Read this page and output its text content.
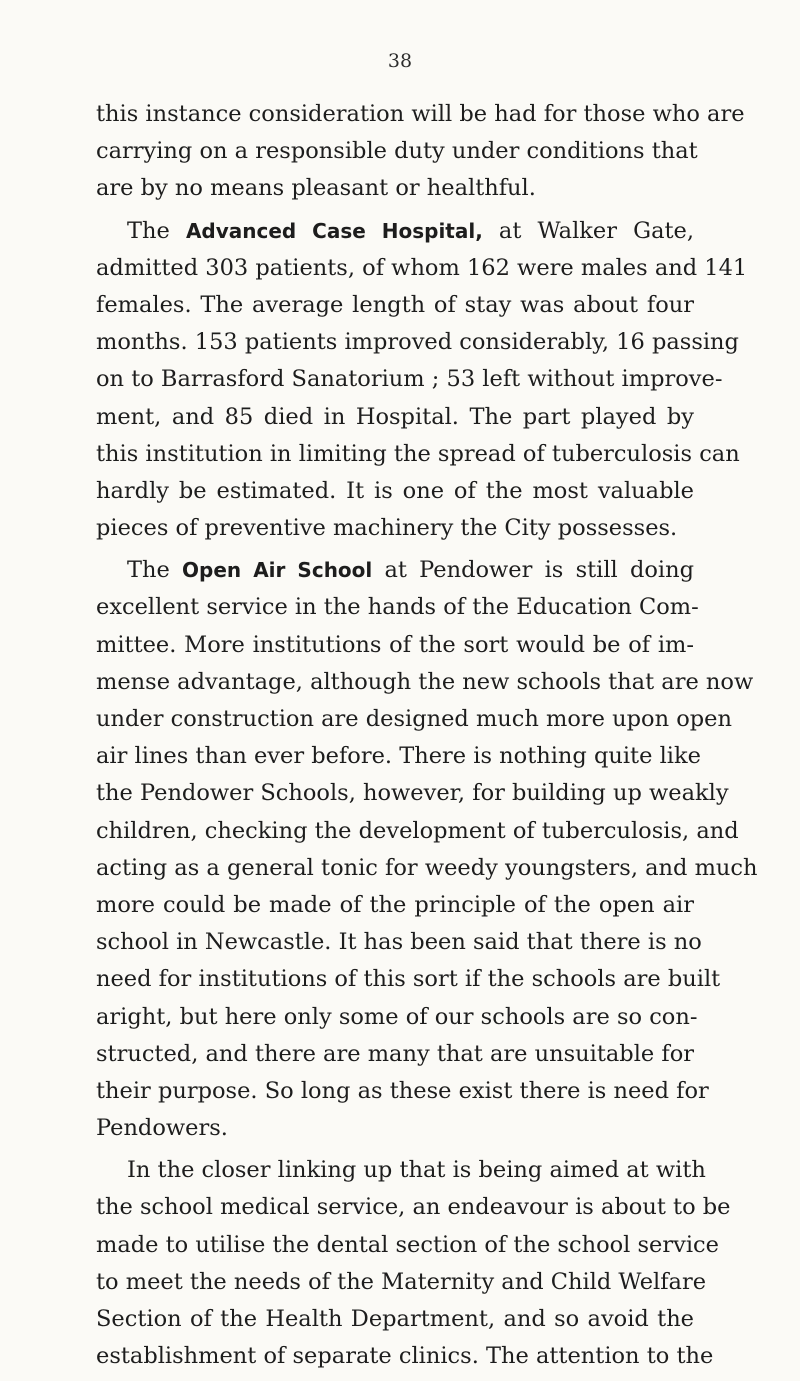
38
this instance consideration will be had for those who are
carrying on a responsible duty under conditions that
are by no means pleasant or healthful.
The Advanced Case Hospital, at Walker Gate,
admitted 303 patients, of whom 162 were males and 141
females. The average length of stay was about four
months. 153 patients improved considerably, 16 passing
on to Barrasford Sanatorium ; 53 left without improve-
ment, and 85 died in Hospital. The part played by
this institution in limiting the spread of tuberculosis can
hardly be estimated. It is one of the most valuable
pieces of preventive machinery the City possesses.
The Open Air School at Pendower is still doing
excellent service in the hands of the Education Com-
mittee. More institutions of the sort would be of im-
mense advantage, although the new schools that are now
under construction are designed much more upon open
air lines than ever before. There is nothing quite like
the Pendower Schools, however, for building up weakly
children, checking the development of tuberculosis, and
acting as a general tonic for weedy youngsters, and much
more could be made of the principle of the open air
school in Newcastle. It has been said that there is no
need for institutions of this sort if the schools are built
aright, but here only some of our schools are so con-
structed, and there are many that are unsuitable for
their purpose. So long as these exist there is need for
Pendowers.
In the closer linking up that is being aimed at with
the school medical service, an endeavour is about to be
made to utilise the dental section of the school service
to meet the needs of the Maternity and Child Welfare
Section of the Health Department, and so avoid the
establishment of separate clinics. The attention to the
